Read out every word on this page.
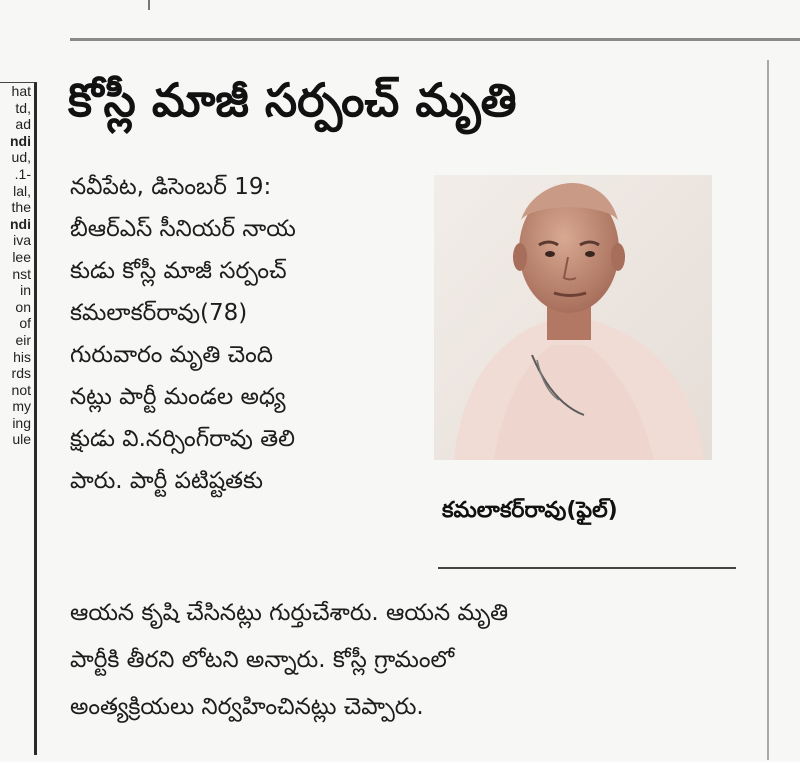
hat
td,
ad
ndi
ud,
.1-
lal,
the
ndi
iva
lee
nst
in
on
of
eir
his
rds
not
my
ing
ule
కోస్లీ మాజీ సర్పంచ్ మృతి
నవీపేట, డిసెంబర్ 19:
బీఆర్ఎస్ సీనియర్ నాయ
కుడు కోస్లీ మాజీ సర్పంచ్
కమలాకర్‌రావు(78)
గురువారం మృతి చెంది
నట్లు పార్టీ మండల అధ్య
క్షుడు వి.నర్సింగ్‌రావు తెలి
పారు. పార్టీ పటిష్టతకు
కమలాకర్‌రావు(ఫైల్)
ఆయన కృషి చేసినట్లు గుర్తుచేశారు. ఆయన మృతి
పార్టీకి తీరని లోటని అన్నారు. కోస్లీ గ్రామంలో
అంత్యక్రియలు నిర్వహించినట్లు చెప్పారు.
